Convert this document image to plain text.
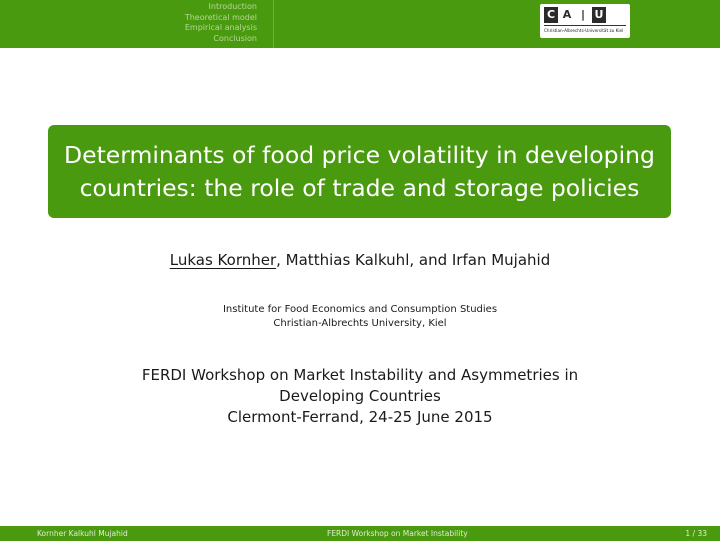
Introduction
Theoretical model
Empirical analysis
Conclusion
C A | U
Christian-Albrechts-Universität zu Kiel
Determinants of food price volatility in developing
countries: the role of trade and storage policies
Lukas Kornher, Matthias Kalkuhl, and Irfan Mujahid
Institute for Food Economics and Consumption Studies
Christian-Albrechts University, Kiel
FERDI Workshop on Market Instability and Asymmetries in
Developing Countries
Clermont-Ferrand, 24-25 June 2015
Kornher Kalkuhl Mujahid	FERDI Workshop on Market Instability	1 / 33
